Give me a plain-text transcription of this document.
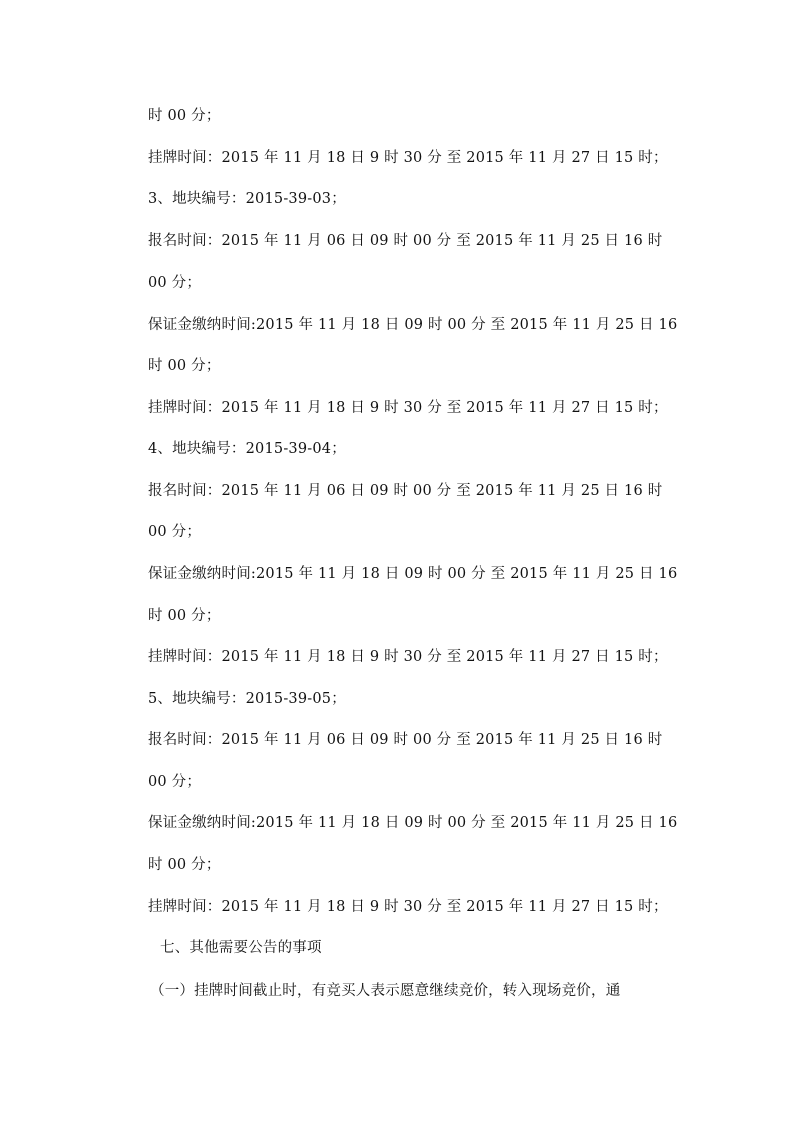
时 00 分；
挂牌时间：2015 年 11 月 18 日 9 时 30 分 至 2015 年 11 月 27 日 15 时；
3、地块编号：2015-39-03；
报名时间：2015 年 11 月 06 日 09 时 00 分 至 2015 年 11 月 25 日 16 时
00 分；
保证金缴纳时间:2015 年 11 月 18 日 09 时 00 分 至 2015 年 11 月 25 日 16
时 00 分；
挂牌时间：2015 年 11 月 18 日 9 时 30 分 至 2015 年 11 月 27 日 15 时；
4、地块编号：2015-39-04；
报名时间：2015 年 11 月 06 日 09 时 00 分 至 2015 年 11 月 25 日 16 时
00 分；
保证金缴纳时间:2015 年 11 月 18 日 09 时 00 分 至 2015 年 11 月 25 日 16
时 00 分；
挂牌时间：2015 年 11 月 18 日 9 时 30 分 至 2015 年 11 月 27 日 15 时；
5、地块编号：2015-39-05；
报名时间：2015 年 11 月 06 日 09 时 00 分 至 2015 年 11 月 25 日 16 时
00 分；
保证金缴纳时间:2015 年 11 月 18 日 09 时 00 分 至 2015 年 11 月 25 日 16
时 00 分；
挂牌时间：2015 年 11 月 18 日 9 时 30 分 至 2015 年 11 月 27 日 15 时；
七、其他需要公告的事项
（一）挂牌时间截止时，有竞买人表示愿意继续竞价，转入现场竞价，通
